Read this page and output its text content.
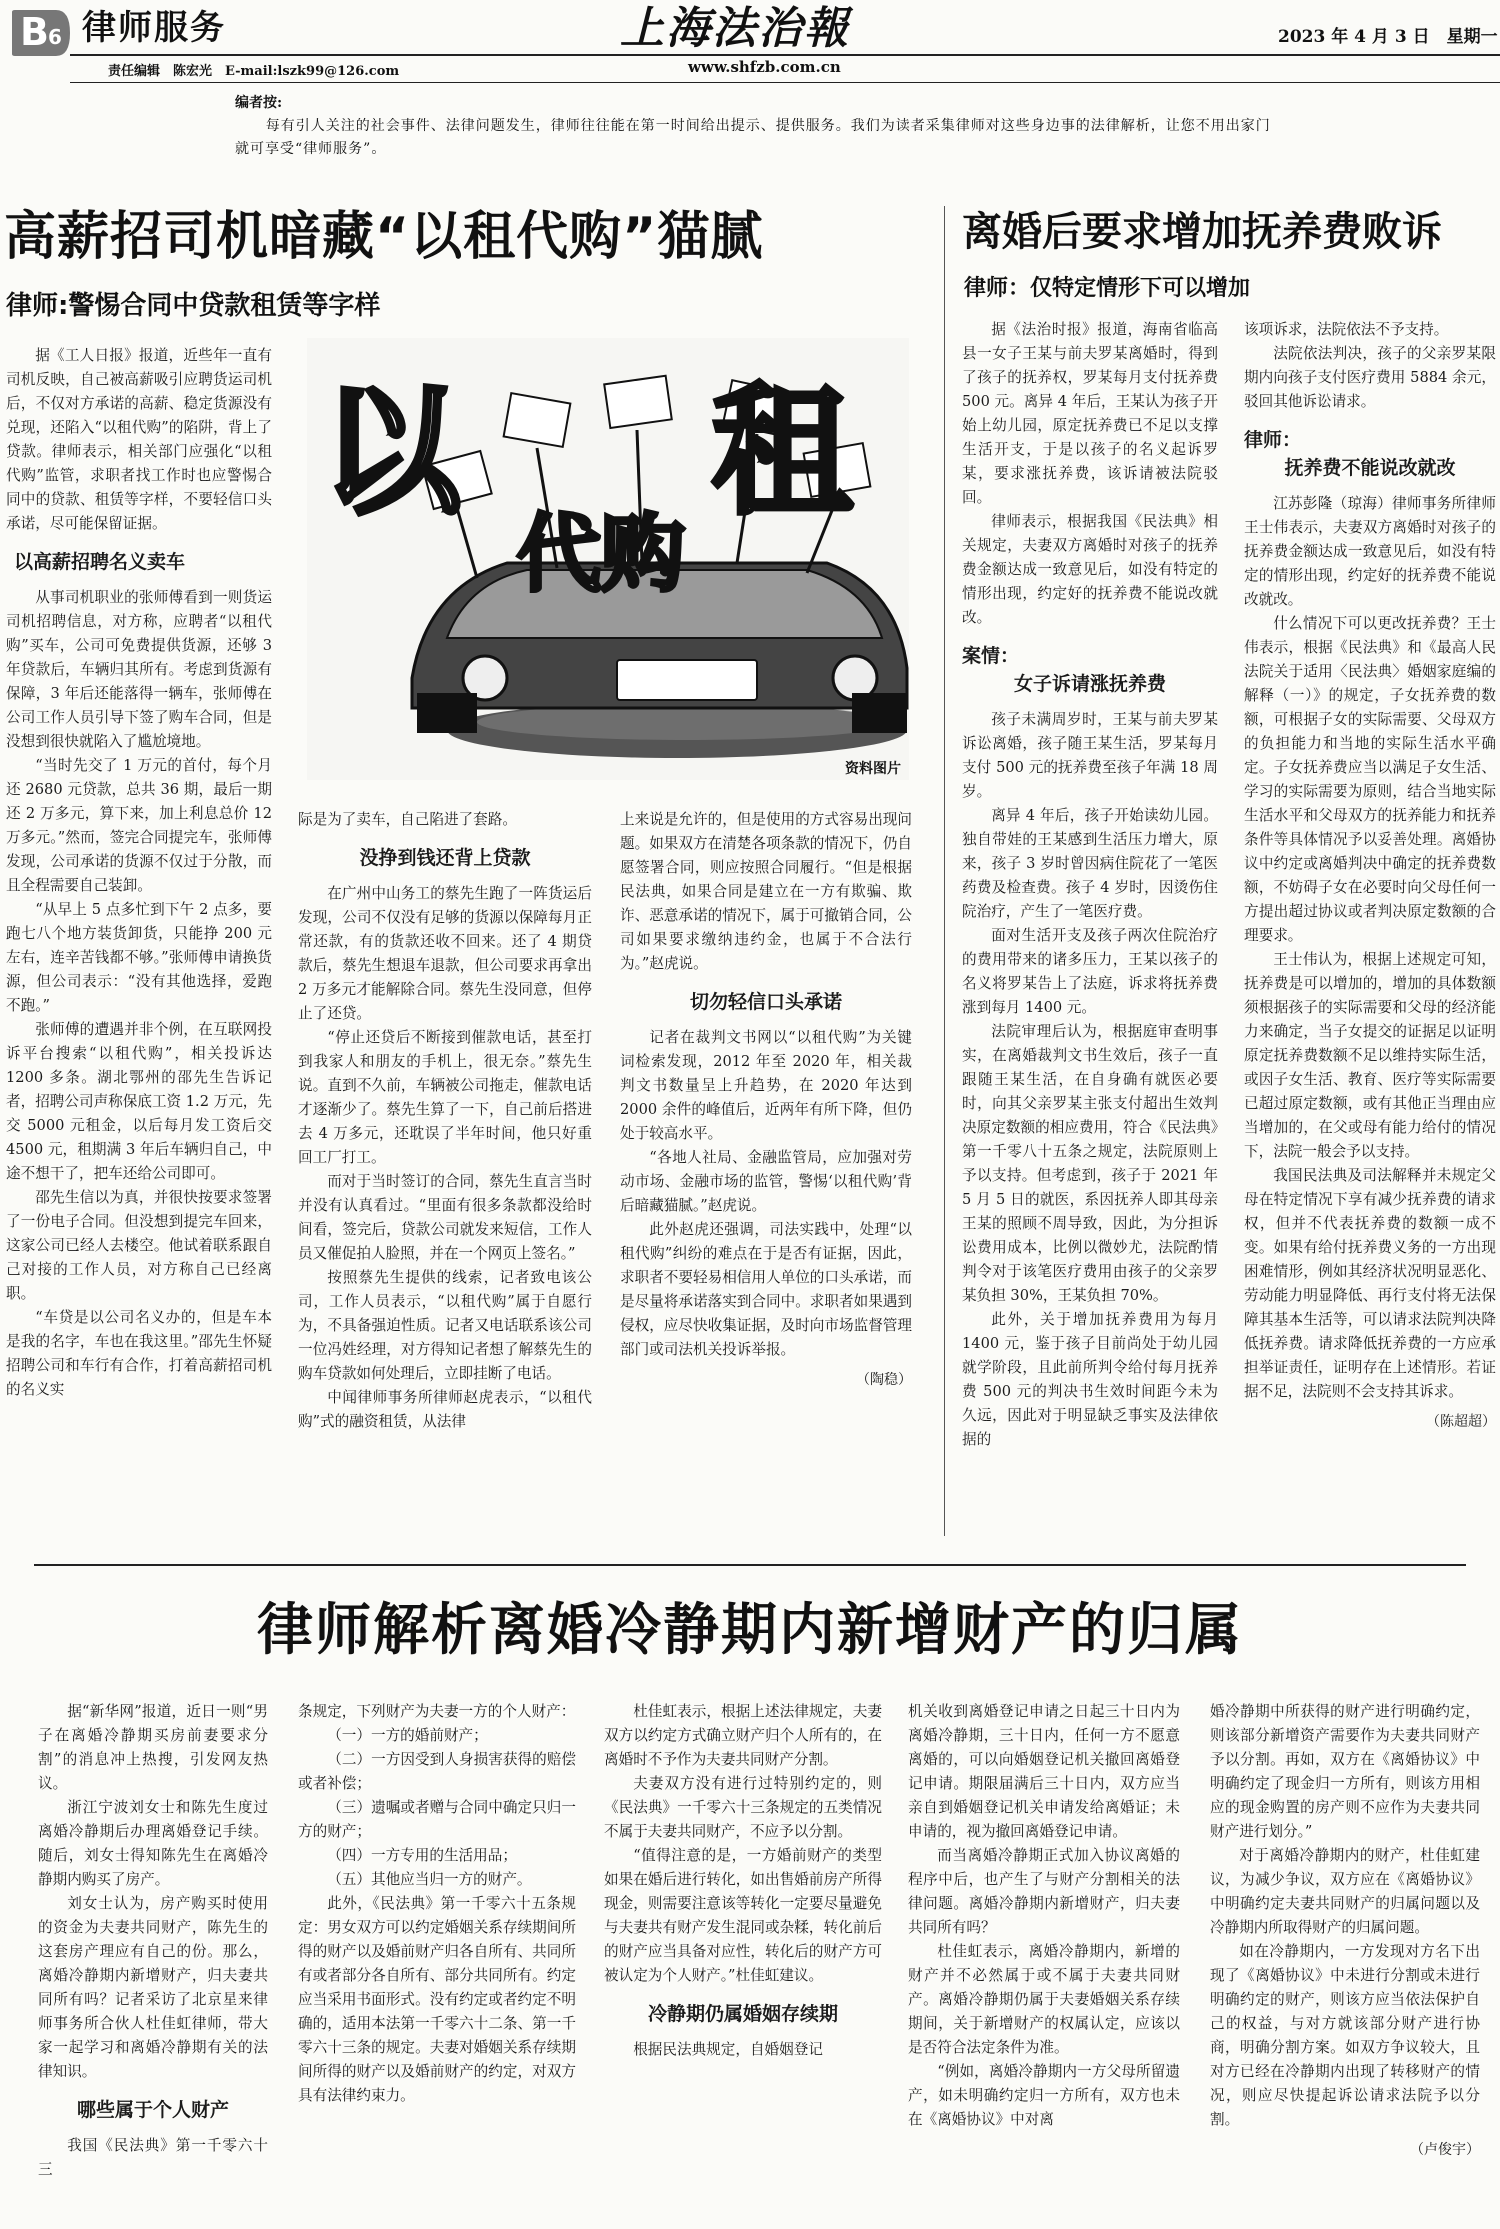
B 6 律师服务
责任编辑　陈宏光　E-mail:lszk99@126.com
上海法治報
www.shfzb.com.cn
2023 年 4 月 3 日　星期一
编者按:
每有引人关注的社会事件、法律问题发生，律师往往能在第一时间给出提示、提供服务。我们为读者采集律师对这些身边事的法律解析，让您不用出家门就可享受“律师服务”。
高薪招司机暗藏“以租代购”猫腻
律师:警惕合同中贷款租赁等字样
以 租
代购
资料图片

据《工人日报》报道，近些年一直有司机反映，自己被高薪吸引应聘货运司机后，不仅对方承诺的高薪、稳定货源没有兑现，还陷入“以租代购”的陷阱，背上了贷款。律师表示，相关部门应强化“以租代购”监管，求职者找工作时也应警惕合同中的贷款、租赁等字样，不要轻信口头承诺，尽可能保留证据。

以高薪招聘名义卖车

从事司机职业的张师傅看到一则货运司机招聘信息，对方称，应聘者“以租代购”买车，公司可免费提供货源，还够 3 年贷款后，车辆归其所有。考虑到货源有保障，3 年后还能落得一辆车，张师傅在公司工作人员引导下签了购车合同，但是没想到很快就陷入了尴尬境地。

“当时先交了 1 万元的首付，每个月还 2680 元贷款，总共 36 期，最后一期还 2 万多元，算下来，加上利息总价 12 万多元。”然而，签完合同提完车，张师傅发现，公司承诺的货源不仅过于分散，而且全程需要自己装卸。

“从早上 5 点多忙到下午 2 点多，要跑七八个地方装货卸货，只能挣 200 元左右，连辛苦钱都不够。”张师傅申请换货源，但公司表示：“没有其他选择，爱跑不跑。”

张师傅的遭遇并非个例，在互联网投诉平台搜索“以租代购”，相关投诉达 1200 多条。湖北鄂州的邵先生告诉记者，招聘公司声称保底工资 1.2 万元，先交 5000 元租金，以后每月发工资后交 4500 元，租期满 3 年后车辆归自己，中途不想干了，把车还给公司即可。

邵先生信以为真，并很快按要求签署了一份电子合同。但没想到提完车回来，这家公司已经人去楼空。他试着联系跟自己对接的工作人员，对方称自己已经离职。

“车贷是以公司名义办的，但是车本是我的名字，车也在我这里。”邵先生怀疑招聘公司和车行有合作，打着高薪招司机的名义实

际是为了卖车，自己陷进了套路。

没挣到钱还背上贷款

在广州中山务工的蔡先生跑了一阵货运后发现，公司不仅没有足够的货源以保障每月正常还款，有的货款还收不回来。还了 4 期贷款后，蔡先生想退车退款，但公司要求再拿出 2 万多元才能解除合同。蔡先生没同意，但停止了还贷。

“停止还贷后不断接到催款电话，甚至打到我家人和朋友的手机上，很无奈。”蔡先生说。直到不久前，车辆被公司拖走，催款电话才逐渐少了。蔡先生算了一下，自己前后搭进去 4 万多元，还耽误了半年时间，他只好重回工厂打工。

而对于当时签订的合同，蔡先生直言当时并没有认真看过。“里面有很多条款都没给时间看，签完后，贷款公司就发来短信，工作人员又催促拍人脸照，并在一个网页上签名。”

按照蔡先生提供的线索，记者致电该公司，工作人员表示，“以租代购”属于自愿行为，不具备强迫性质。记者又电话联系该公司一位冯姓经理，对方得知记者想了解蔡先生的购车贷款如何处理后，立即挂断了电话。

中闻律师事务所律师赵虎表示，“以租代购”式的融资租赁，从法律

上来说是允许的，但是使用的方式容易出现问题。如果双方在清楚各项条款的情况下，仍自愿签署合同，则应按照合同履行。“但是根据民法典，如果合同是建立在一方有欺骗、欺诈、恶意承诺的情况下，属于可撤销合同，公司如果要求缴纳违约金，也属于不合法行为。”赵虎说。

切勿轻信口头承诺

记者在裁判文书网以“以租代购”为关键词检索发现，2012 年至 2020 年，相关裁判文书数量呈上升趋势，在 2020 年达到 2000 余件的峰值后，近两年有所下降，但仍处于较高水平。

“各地人社局、金融监管局，应加强对劳动市场、金融市场的监管，警惕‘以租代购’背后暗藏猫腻。”赵虎说。

此外赵虎还强调，司法实践中，处理“以租代购”纠纷的难点在于是否有证据，因此，求职者不要轻易相信用人单位的口头承诺，而是尽量将承诺落实到合同中。求职者如果遇到侵权，应尽快收集证据，及时向市场监督管理部门或司法机关投诉举报。

（陶稳）
离婚后要求增加抚养费败诉
律师：仅特定情形下可以增加

据《法治时报》报道，海南省临高县一女子王某与前夫罗某离婚时，得到了孩子的抚养权，罗某每月支付抚养费 500 元。离异 4 年后，王某认为孩子开始上幼儿园，原定抚养费已不足以支撑生活开支，于是以孩子的名义起诉罗某，要求涨抚养费，该诉请被法院驳回。

律师表示，根据我国《民法典》相关规定，夫妻双方离婚时对孩子的抚养费金额达成一致意见后，如没有特定的情形出现，约定好的抚养费不能说改就改。

案情：
女子诉请涨抚养费

孩子未满周岁时，王某与前夫罗某诉讼离婚，孩子随王某生活，罗某每月支付 500 元的抚养费至孩子年满 18 周岁。

离异 4 年后，孩子开始读幼儿园。独自带娃的王某感到生活压力增大，原来，孩子 3 岁时曾因病住院花了一笔医药费及检查费。孩子 4 岁时，因烫伤住院治疗，产生了一笔医疗费。

面对生活开支及孩子两次住院治疗的费用带来的诸多压力，王某以孩子的名义将罗某告上了法庭，诉求将抚养费涨到每月 1400 元。

法院审理后认为，根据庭审查明事实，在离婚裁判文书生效后，孩子一直跟随王某生活，在自身确有就医必要时，向其父亲罗某主张支付超出生效判决原定数额的相应费用，符合《民法典》第一千零八十五条之规定，法院原则上予以支持。但考虑到，孩子于 2021 年 5 月 5 日的就医，系因抚养人即其母亲王某的照顾不周导致，因此，为分担诉讼费用成本，比例以微妙尤，法院酌情判令对于该笔医疗费用由孩子的父亲罗某负担 30%，王某负担 70%。

此外，关于增加抚养费用为每月 1400 元，鉴于孩子目前尚处于幼儿园就学阶段，且此前所判令给付每月抚养费 500 元的判决书生效时间距今未为久远，因此对于明显缺乏事实及法律依据的

该项诉求，法院依法不予支持。

法院依法判决，孩子的父亲罗某限期内向孩子支付医疗费用 5884 余元，驳回其他诉讼请求。

律师：
抚养费不能说改就改

江苏彭隆（琼海）律师事务所律师王士伟表示，夫妻双方离婚时对孩子的抚养费金额达成一致意见后，如没有特定的情形出现，约定好的抚养费不能说改就改。

什么情况下可以更改抚养费？王士伟表示，根据《民法典》和《最高人民法院关于适用〈民法典〉婚姻家庭编的解释（一）》的规定，子女抚养费的数额，可根据子女的实际需要、父母双方的负担能力和当地的实际生活水平确定。子女抚养费应当以满足子女生活、学习的实际需要为原则，结合当地实际生活水平和父母双方的抚养能力和抚养条件等具体情况予以妥善处理。离婚协议中约定或离婚判决中确定的抚养费数额，不妨碍子女在必要时向父母任何一方提出超过协议或者判决原定数额的合理要求。

王士伟认为，根据上述规定可知，抚养费是可以增加的，增加的具体数额须根据孩子的实际需要和父母的经济能力来确定，当子女提交的证据足以证明原定抚养费数额不足以维持实际生活，或因子女生活、教育、医疗等实际需要已超过原定数额，或有其他正当理由应当增加的，在父或母有能力给付的情况下，法院一般会予以支持。

我国民法典及司法解释并未规定父母在特定情况下享有减少抚养费的请求权，但并不代表抚养费的数额一成不变。如果有给付抚养费义务的一方出现困难情形，例如其经济状况明显恶化、劳动能力明显降低、再行支付将无法保障其基本生活等，可以请求法院判决降低抚养费。请求降低抚养费的一方应承担举证责任，证明存在上述情形。若证据不足，法院则不会支持其诉求。

（陈超超）
律师解析离婚冷静期内新增财产的归属

据“新华网”报道，近日一则“男子在离婚冷静期买房前妻要求分割”的消息冲上热搜，引发网友热议。

浙江宁波刘女士和陈先生度过离婚冷静期后办理离婚登记手续。随后，刘女士得知陈先生在离婚冷静期内购买了房产。

刘女士认为，房产购买时使用的资金为夫妻共同财产，陈先生的这套房产理应有自己的份。那么，离婚冷静期内新增财产，归夫妻共同所有吗？记者采访了北京星来律师事务所合伙人杜佳虹律师，带大家一起学习和离婚冷静期有关的法律知识。

哪些属于个人财产

我国《民法典》第一千零六十三

条规定，下列财产为夫妻一方的个人财产：

（一）一方的婚前财产；

（二）一方因受到人身损害获得的赔偿或者补偿；

（三）遗嘱或者赠与合同中确定只归一方的财产；

（四）一方专用的生活用品；

（五）其他应当归一方的财产。

此外，《民法典》第一千零六十五条规定：男女双方可以约定婚姻关系存续期间所得的财产以及婚前财产归各自所有、共同所有或者部分各自所有、部分共同所有。约定应当采用书面形式。没有约定或者约定不明确的，适用本法第一千零六十二条、第一千零六十三条的规定。夫妻对婚姻关系存续期间所得的财产以及婚前财产的约定，对双方具有法律约束力。

杜佳虹表示，根据上述法律规定，夫妻双方以约定方式确立财产归个人所有的，在离婚时不予作为夫妻共同财产分割。

夫妻双方没有进行过特别约定的，则《民法典》一千零六十三条规定的五类情况不属于夫妻共同财产，不应予以分割。

“值得注意的是，一方婚前财产的类型如果在婚后进行转化，如出售婚前房产所得现金，则需要注意该等转化一定要尽量避免与夫妻共有财产发生混同或杂糅，转化前后的财产应当具备对应性，转化后的财产方可被认定为个人财产。”杜佳虹建议。

冷静期仍属婚姻存续期

根据民法典规定，自婚姻登记

机关收到离婚登记申请之日起三十日内为离婚冷静期，三十日内，任何一方不愿意离婚的，可以向婚姻登记机关撤回离婚登记申请。期限届满后三十日内，双方应当亲自到婚姻登记机关申请发给离婚证；未申请的，视为撤回离婚登记申请。

而当离婚冷静期正式加入协议离婚的程序中后，也产生了与财产分割相关的法律问题。离婚冷静期内新增财产，归夫妻共同所有吗？

杜佳虹表示，离婚冷静期内，新增的财产并不必然属于或不属于夫妻共同财产。离婚冷静期仍属于夫妻婚姻关系存续期间，关于新增财产的权属认定，应该以是否符合法定条件为准。

“例如，离婚冷静期内一方父母所留遗产，如未明确约定归一方所有，双方也未在《离婚协议》中对离

婚冷静期中所获得的财产进行明确约定，则该部分新增资产需要作为夫妻共同财产予以分割。再如，双方在《离婚协议》中明确约定了现金归一方所有，则该方用相应的现金购置的房产则不应作为夫妻共同财产进行划分。”

对于离婚冷静期内的财产，杜佳虹建议，为减少争议，双方应在《离婚协议》中明确约定夫妻共同财产的归属问题以及冷静期内所取得财产的归属问题。

如在冷静期内，一方发现对方名下出现了《离婚协议》中未进行分割或未进行明确约定的财产，则该方应当依法保护自己的权益，与对方就该部分财产进行协商，明确分割方案。如双方争议较大，且对方已经在冷静期内出现了转移财产的情况，则应尽快提起诉讼请求法院予以分割。

（卢俊宇）
